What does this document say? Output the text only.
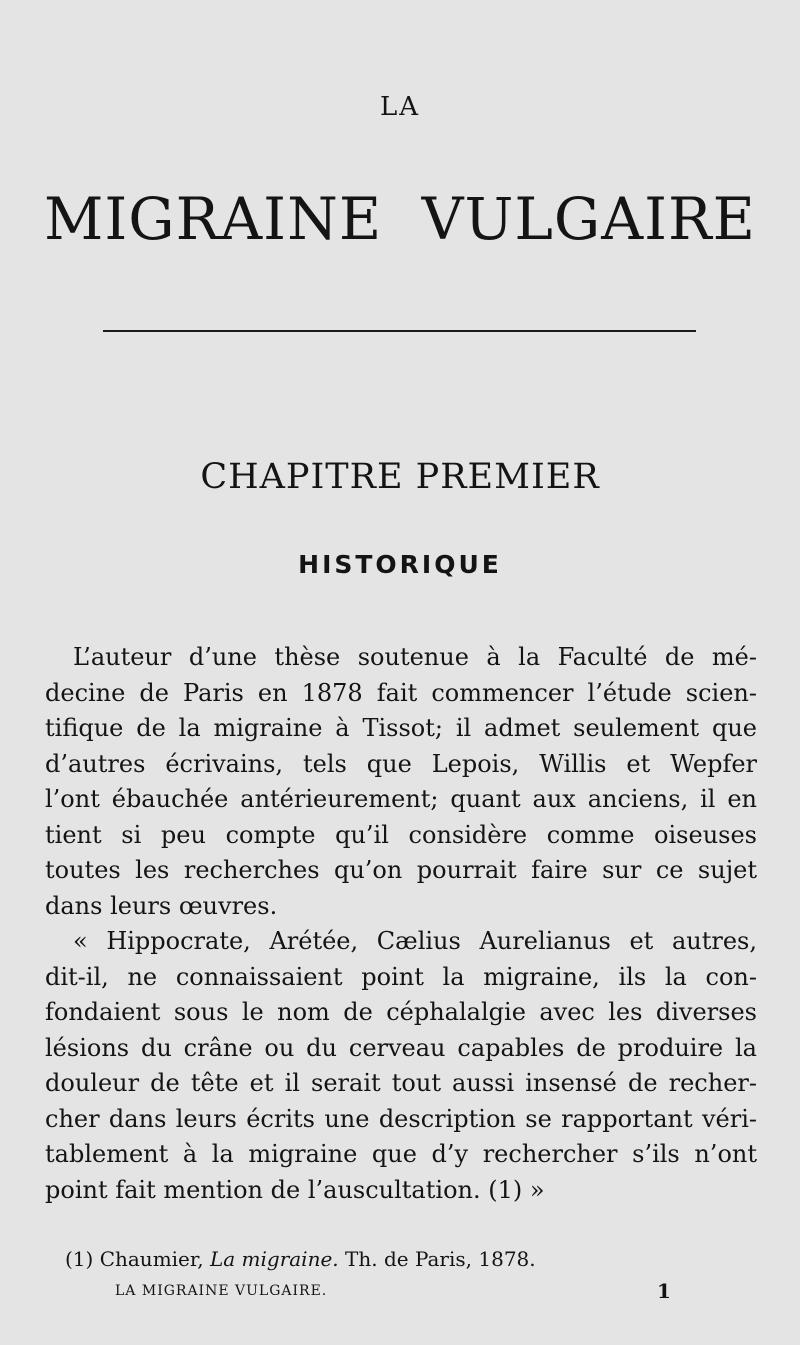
LA
MIGRAINE VULGAIRE
CHAPITRE PREMIER
HISTORIQUE
L’auteur d’une thèse soutenue à la Faculté de mé-
decine de Paris en 1878 fait commencer l’étude scien-
tifique de la migraine à Tissot; il admet seulement que
d’autres écrivains, tels que Lepois, Willis et Wepfer
l’ont ébauchée antérieurement; quant aux anciens, il en
tient si peu compte qu’il considère comme oiseuses
toutes les recherches qu’on pourrait faire sur ce sujet
dans leurs œuvres.
« Hippocrate, Arétée, Cælius Aurelianus et autres,
dit-il, ne connaissaient point la migraine, ils la con-
fondaient sous le nom de céphalalgie avec les diverses
lésions du crâne ou du cerveau capables de produire la
douleur de tête et il serait tout aussi insensé de recher-
cher dans leurs écrits une description se rapportant véri-
tablement à la migraine que d’y rechercher s’ils n’ont
point fait mention de l’auscultation. (1) »
(1) Chaumier, La migraine. Th. de Paris, 1878.
LA MIGRAINE VULGAIRE.	1
